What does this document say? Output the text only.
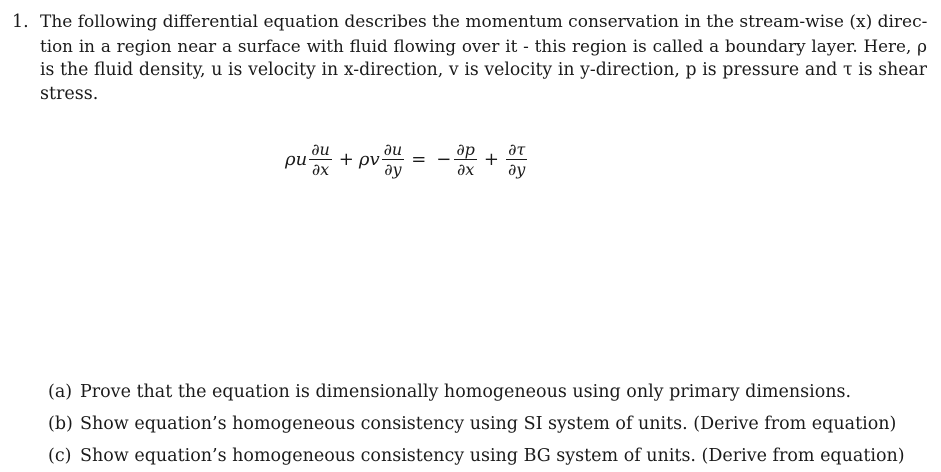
1. The following differential equation describes the momentum conservation in the stream-wise (x) direc-
tion in a region near a surface with fluid flowing over it - this region is called a boundary layer. Here, ρ
is the fluid density, u is velocity in x-direction, v is velocity in y-direction, p is pressure and τ is shear
stress.
ρu $\frac{\partial u}{\partial x} + \rho v \frac{\partial u}{\partial y}$ = − $\frac{\partial p}{\partial x} + \frac{\partial\tau}{\partial y}$
(a) Prove that the equation is dimensionally homogeneous using only primary dimensions.
(b) Show equation’s homogeneous consistency using SI system of units. (Derive from equation)
(c) Show equation’s homogeneous consistency using BG system of units. (Derive from equation)
